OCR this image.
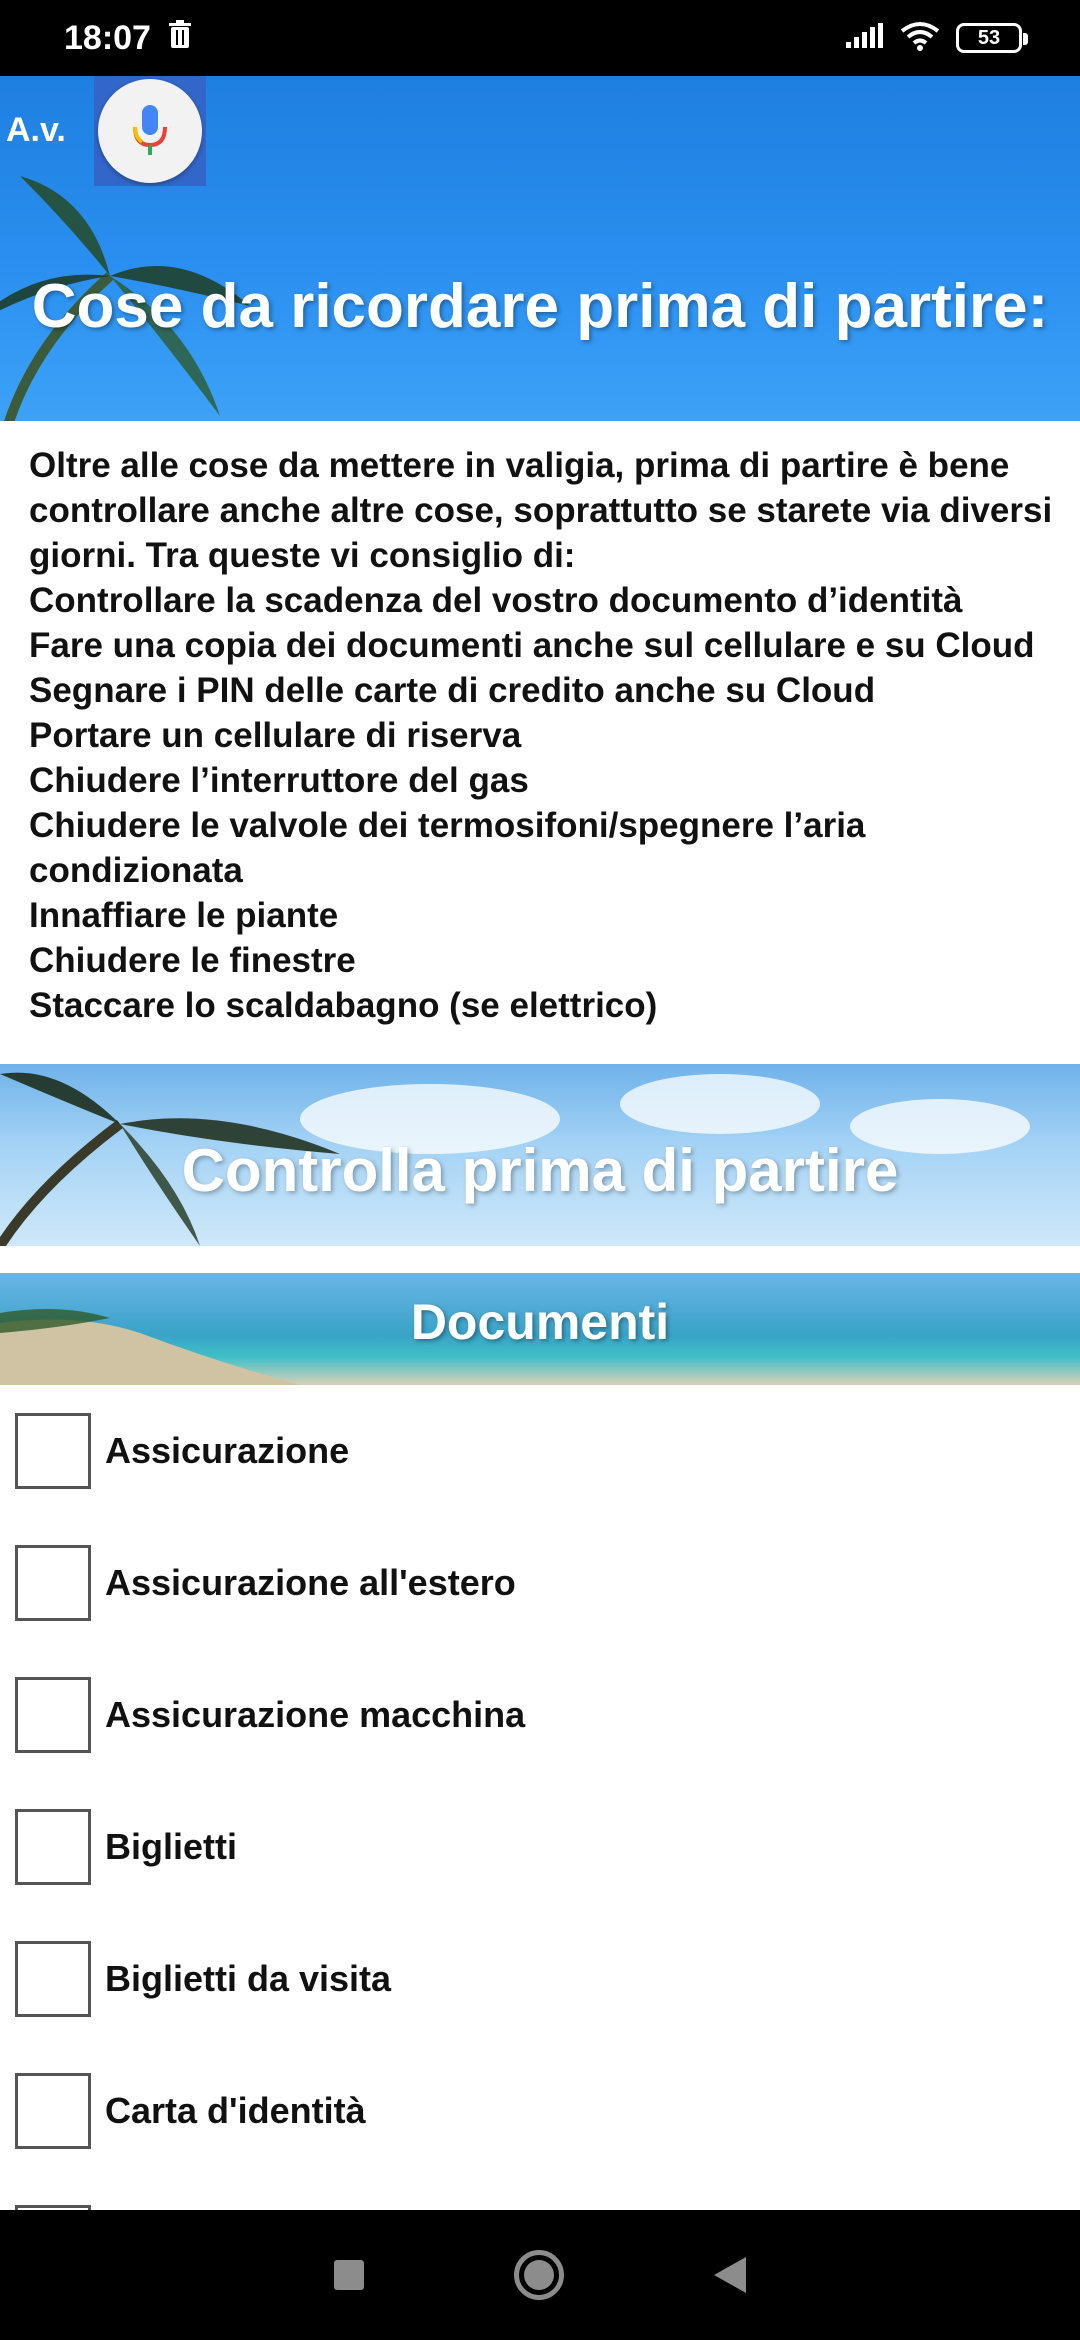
18:07	53
A.v.
Cose da ricordare prima di partire:

Oltre alle cose da mettere in valigia, prima di partire è bene controllare anche altre cose, soprattutto se starete via diversi giorni. Tra queste vi consiglio di:

Controllare la scadenza del vostro documento d’identità

Fare una copia dei documenti anche sul cellulare e su Cloud

Segnare i PIN delle carte di credito anche su Cloud

Portare un cellulare di riserva

Chiudere l’interruttore del gas

Chiudere le valvole dei termosifoni/spegnere l’aria condizionata

Innaffiare le piante

Chiudere le finestre

Staccare lo scaldabagno (se elettrico)

Controlla prima di partire
Documenti
Assicurazione
Assicurazione all'estero
Assicurazione macchina
Biglietti
Biglietti da visita
Carta d'identità
